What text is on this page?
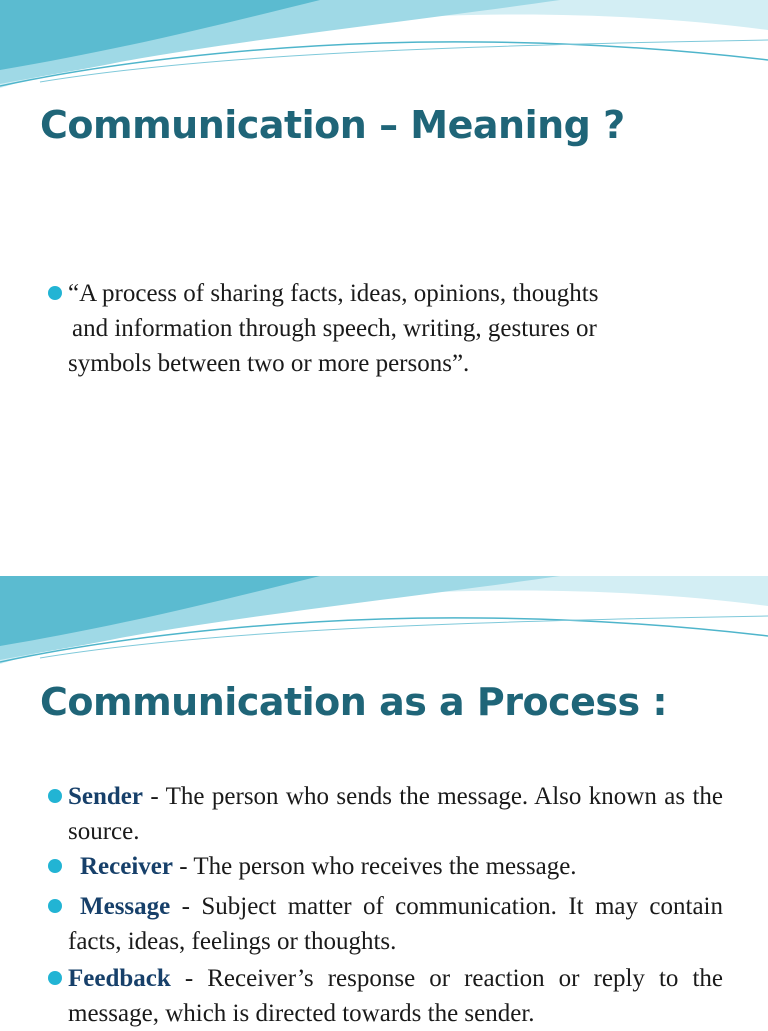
Communication – Meaning ?
“A process of sharing facts, ideas, opinions, thoughts
and information through speech, writing, gestures or
symbols between two or more persons”.
Communication as a Process :
Sender - The person who sends the message. Also known as the source.
Receiver - The person who receives the message.
Message - Subject matter of communication. It may contain facts, ideas, feelings or thoughts.
Feedback - Receiver’s response or reaction or reply to the message, which is directed towards the sender.
